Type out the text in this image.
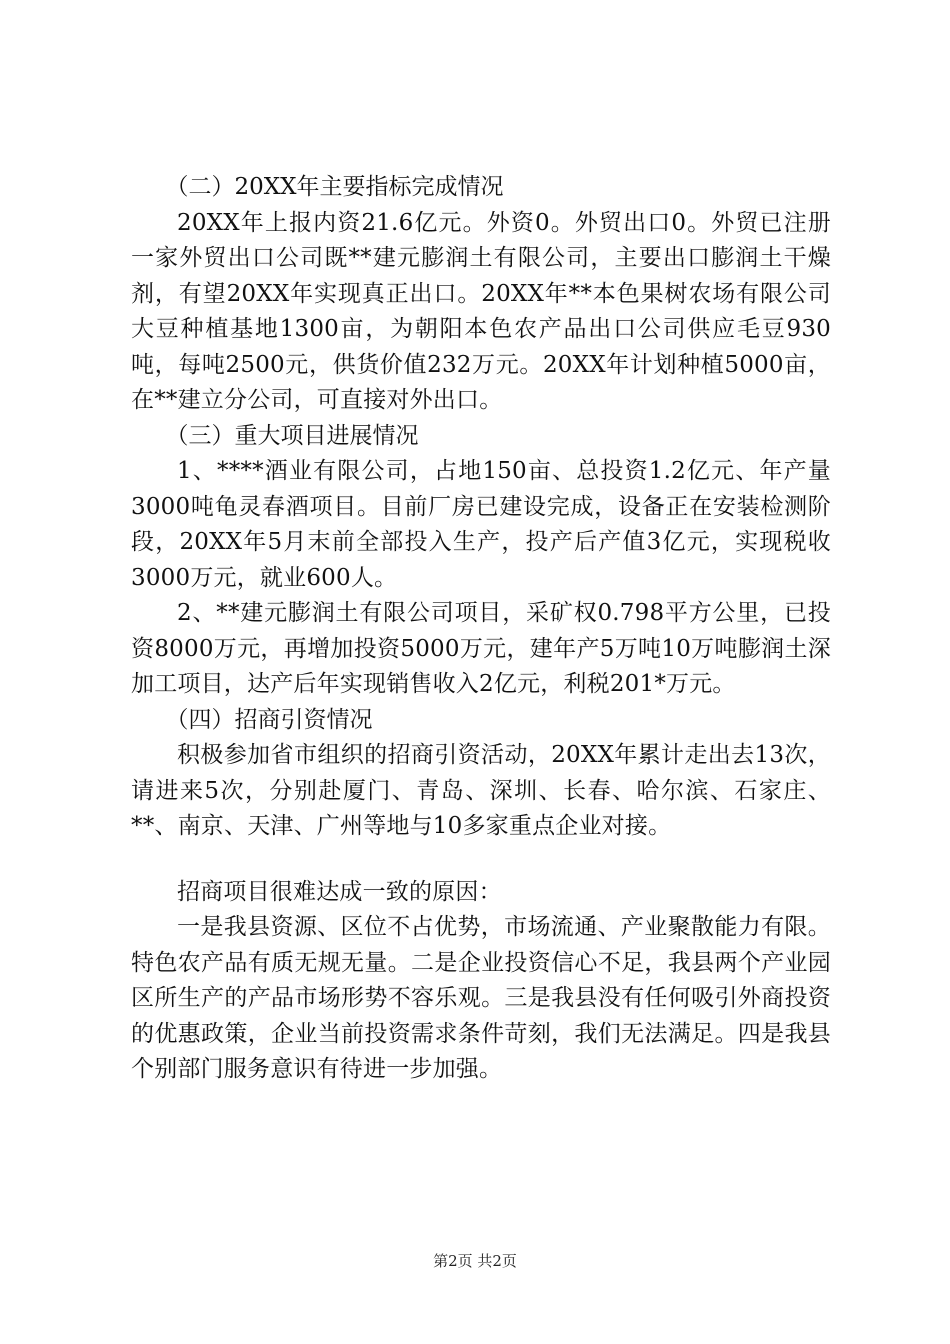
（二）20XX年主要指标完成情况

20XX年上报内资21.6亿元。外资0。外贸出口0。外贸已注册一家外贸出口公司既**建元膨润土有限公司，主要出口膨润土干燥剂，有望20XX年实现真正出口。20XX年**本色果树农场有限公司大豆种植基地1300亩，为朝阳本色农产品出口公司供应毛豆930吨，每吨2500元，供货价值232万元。20XX年计划种植5000亩，在**建立分公司，可直接对外出口。

（三）重大项目进展情况

1、****酒业有限公司，占地150亩、总投资1.2亿元、年产量3000吨龟灵春酒项目。目前厂房已建设完成，设备正在安装检测阶段，20XX年5月末前全部投入生产，投产后产值3亿元，实现税收3000万元，就业600人。

2、**建元膨润土有限公司项目，采矿权0.798平方公里，已投资8000万元，再增加投资5000万元，建年产5万吨10万吨膨润土深加工项目，达产后年实现销售收入2亿元，利税201*万元。

（四）招商引资情况

积极参加省市组织的招商引资活动，20XX年累计走出去13次，请进来5次，分别赴厦门、青岛、深圳、长春、哈尔滨、石家庄、**、南京、天津、广州等地与10多家重点企业对接。

招商项目很难达成一致的原因：

一是我县资源、区位不占优势，市场流通、产业聚散能力有限。特色农产品有质无规无量。二是企业投资信心不足，我县两个产业园区所生产的产品市场形势不容乐观。三是我县没有任何吸引外商投资的优惠政策，企业当前投资需求条件苛刻，我们无法满足。四是我县个别部门服务意识有待进一步加强。

第2页 共2页
